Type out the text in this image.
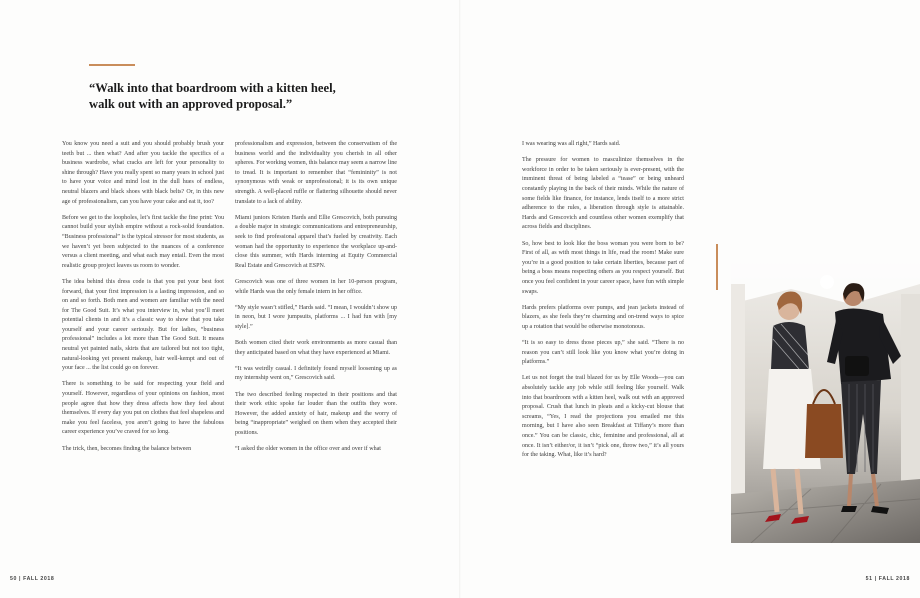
“Walk into that boardroom with a kitten heel, walk out with an approved proposal.”

You know you need a suit and you should probably brush your teeth but ... then what? And after you tackle the specifics of a business wardrobe, what cracks are left for your personality to shine through? Have you really spent so many years in school just to have your voice and mind lost in the dull hues of endless, neutral blazers and black shoes with black belts? Or, in this new age of professionalism, can you have your cake and eat it, too?

Before we get to the loopholes, let’s first tackle the fine print: You cannot build your stylish empire without a rock-solid foundation. “Business professional” is the typical stressor for most students, as we haven’t yet been subjected to the nuances of a conference versus a client meeting, and what each may entail. Even the most realistic group project leaves us room to wonder.

The idea behind this dress code is that you put your best foot forward, that your first impression is a lasting impression, and so on and so forth. Both men and women are familiar with the need for The Good Suit. It’s what you interview in, what you’ll meet potential clients in and it’s a classic way to show that you take yourself and your career seriously. But for ladies, “business professional” includes a lot more than The Good Suit. It means neutral yet painted nails, skirts that are tailored but not too tight, natural-looking yet present makeup, hair well-kempt and out of your face ... the list could go on forever.

There is something to be said for respecting your field and yourself. However, regardless of your opinions on fashion, most people agree that how they dress affects how they feel about themselves. If every day you put on clothes that feel shapeless and make you feel faceless, you aren’t going to have the fabulous career experience you’ve craved for so long.

The trick, then, becomes finding the balance between

professionalism and expression, between the conservatism of the business world and the individuality you cherish in all other spheres. For working women, this balance may seem a narrow line to tread. It is important to remember that “femininity” is not synonymous with weak or unprofessional; it is its own unique strength. A well-placed ruffle or flattering silhouette should never translate to a lack of ability.

Miami juniors Kristen Hards and Ellie Grescovich, both pursuing a double major in strategic communications and entrepreneurship, seek to find professional apparel that’s fueled by creativity. Each woman had the opportunity to experience the workplace up-and-close this summer, with Hards interning at Equity Commercial Real Estate and Grescovich at ESPN.

Grescovich was one of three women in her 10-person program, while Hards was the only female intern in her office.

“My style wasn’t stifled,” Hards said. “I mean, I wouldn’t show up in neon, but I wore jumpsuits, platforms ... I had fun with [my style].”

Both women cited their work environments as more casual than they anticipated based on what they have experienced at Miami.

“It was weirdly casual. I definitely found myself loosening up as my internship went on,” Grescovich said.

The two described feeling respected in their positions and that their work ethic spoke far louder than the outfits they wore. However, the added anxiety of hair, makeup and the worry of being “inappropriate” weighed on them when they accepted their positions.

“I asked the older women in the office over and over if what

I was wearing was all right,” Hards said.

The pressure for women to masculinize themselves in the workforce in order to be taken seriously is ever-present, with the imminent threat of being labeled a “tease” or being unheard constantly playing in the back of their minds. While the nature of some fields like finance, for instance, lends itself to a more strict adherence to the rules, a liberation through style is attainable. Hards and Grescovich and countless other women exemplify that across fields and disciplines.

So, how best to look like the boss woman you were born to be? First of all, as with most things in life, read the room! Make sure you’re in a good position to take certain liberties, because part of being a boss means respecting others as you respect yourself. But once you feel confident in your career space, have fun with simple swaps.

Hards prefers platforms over pumps, and jean jackets instead of blazers, as she feels they’re charming and on-trend ways to spice up a rotation that would be otherwise monotonous.

“It is so easy to dress those pieces up,” she said. “There is no reason you can’t still look like you know what you’re doing in platforms.”

Let us not forget the trail blazed for us by Elle Woods—you can absolutely tackle any job while still feeling like yourself. Walk into that boardroom with a kitten heel, walk out with an approved proposal. Crush that lunch in pleats and a kicky-cut blouse that screams, “Yes, I read the projections you emailed me this morning, but I have also seen Breakfast at Tiffany’s more than once.” You can be classic, chic, feminine and professional, all at once. It isn’t either/or, it isn’t “pick one, throw two,” it’s all yours for the taking. What, like it’s hard?

50 | FALL 2018	51 | FALL 2018
